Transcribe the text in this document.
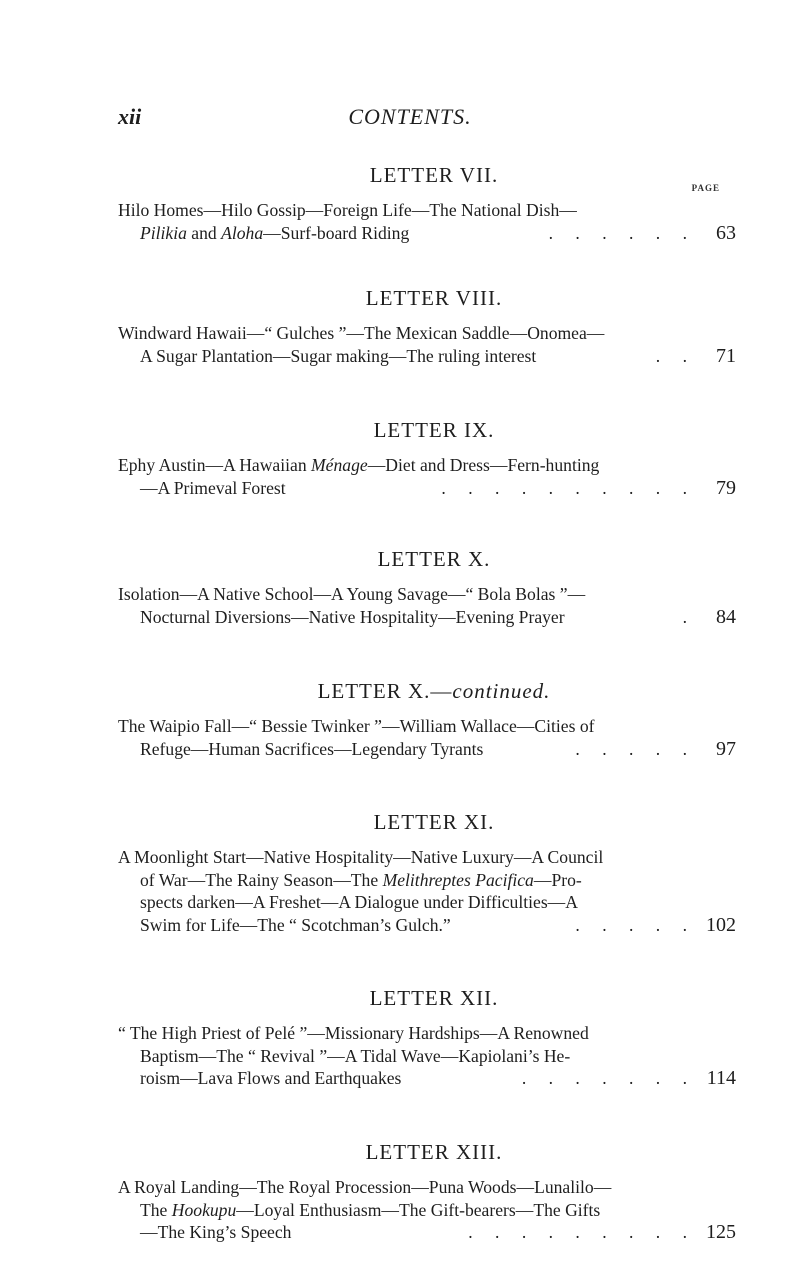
xii	CONTENTS.
PAGE
LETTER VII.
Hilo Homes—Hilo Gossip—Foreign Life—The National Dish—
Pilikia and Aloha—Surf-board Riding	. . . . . .	63
LETTER VIII.
Windward Hawaii—“ Gulches ”—The Mexican Saddle—Onomea—
A Sugar Plantation—Sugar making—The ruling interest	. .	71
LETTER IX.
Ephy Austin—A Hawaiian Ménage—Diet and Dress—Fern-hunting
—A Primeval Forest	. . . . . . . . . .	79
LETTER X.
Isolation—A Native School—A Young Savage—“ Bola Bolas ”—
Nocturnal Diversions—Native Hospitality—Evening Prayer	.	84
LETTER X.—continued.
The Waipio Fall—“ Bessie Twinker ”—William Wallace—Cities of
Refuge—Human Sacrifices—Legendary Tyrants	. . . . .	97
LETTER XI.
A Moonlight Start—Native Hospitality—Native Luxury—A Council
of War—The Rainy Season—The Melithreptes Pacifica—Pro-
spects darken—A Freshet—A Dialogue under Difficulties—A
Swim for Life—The “ Scotchman’s Gulch.”	. . . . . 102
LETTER XII.
“ The High Priest of Pelé ”—Missionary Hardships—A Renowned
Baptism—The “ Revival ”—A Tidal Wave—Kapiolani’s He-
roism—Lava Flows and Earthquakes	. . . . . . . 114
LETTER XIII.
A Royal Landing—The Royal Procession—Puna Woods—Lunalilo—
The Hookupu—Loyal Enthusiasm—The Gift-bearers—The Gifts
—The King’s Speech	. . . . . . . . . 125
